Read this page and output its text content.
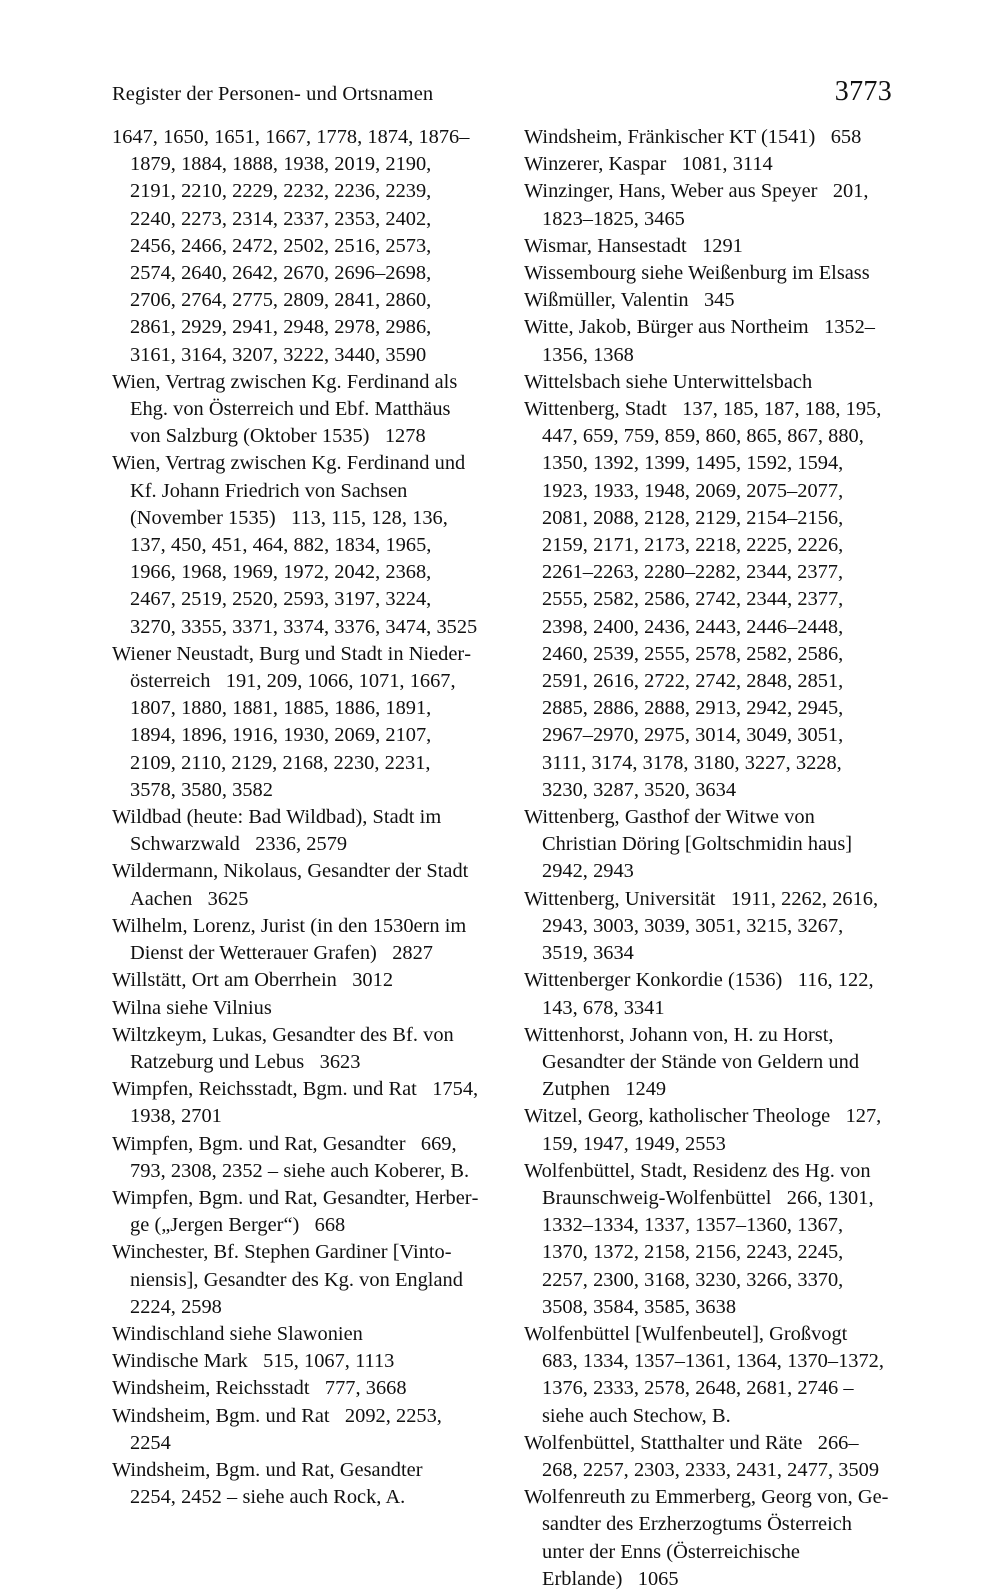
Register der Personen- und Ortsnamen	3773

1647, 1650, 1651, 1667, 1778, 1874, 1876–1879, 1884, 1888, 1938, 2019, 2190, 2191, 2210, 2229, 2232, 2236, 2239, 2240, 2273, 2314, 2337, 2353, 2402, 2456, 2466, 2472, 2502, 2516, 2573, 2574, 2640, 2642, 2670, 2696–2698, 2706, 2764, 2775, 2809, 2841, 2860, 2861, 2929, 2941, 2948, 2978, 2986, 3161, 3164, 3207, 3222, 3440, 3590

Wien, Vertrag zwischen Kg. Ferdinand als Ehg. von Österreich und Ebf. Matthäus von Salzburg (Oktober 1535)  1278

Wien, Vertrag zwischen Kg. Ferdinand und Kf. Johann Friedrich von Sachsen (November 1535)  113, 115, 128, 136, 137, 450, 451, 464, 882, 1834, 1965, 1966, 1968, 1969, 1972, 2042, 2368, 2467, 2519, 2520, 2593, 3197, 3224, 3270, 3355, 3371, 3374, 3376, 3474, 3525

Wiener Neustadt, Burg und Stadt in Niederösterreich  191, 209, 1066, 1071, 1667, 1807, 1880, 1881, 1885, 1886, 1891, 1894, 1896, 1916, 1930, 2069, 2107, 2109, 2110, 2129, 2168, 2230, 2231, 3578, 3580, 3582

Wildbad (heute: Bad Wildbad), Stadt im Schwarzwald  2336, 2579

Wildermann, Nikolaus, Gesandter der Stadt Aachen  3625

Wilhelm, Lorenz, Jurist (in den 1530ern im Dienst der Wetterauer Grafen)  2827

Willstätt, Ort am Oberrhein  3012

Wilna siehe Vilnius

Wiltzkeym, Lukas, Gesandter des Bf. von Ratzeburg und Lebus  3623

Wimpfen, Reichsstadt, Bgm. und Rat  1754, 1938, 2701

Wimpfen, Bgm. und Rat, Gesandter  669, 793, 2308, 2352 – siehe auch Koberer, B.

Wimpfen, Bgm. und Rat, Gesandter, Herberge („Jergen Berger“)  668

Winchester, Bf. Stephen Gardiner [Vintoniensis], Gesandter des Kg. von England 2224, 2598

Windischland siehe Slawonien

Windische Mark  515, 1067, 1113

Windsheim, Reichsstadt  777, 3668

Windsheim, Bgm. und Rat  2092, 2253, 2254

Windsheim, Bgm. und Rat, Gesandter  2254, 2452 – siehe auch Rock, A.

Windsheim, Fränkischer KT (1541)  658

Winzerer, Kaspar  1081, 3114

Winzinger, Hans, Weber aus Speyer  201, 1823–1825, 3465

Wismar, Hansestadt  1291

Wissembourg siehe Weißenburg im Elsass

Wißmüller, Valentin  345

Witte, Jakob, Bürger aus Northeim  1352–1356, 1368

Wittelsbach siehe Unterwittelsbach

Wittenberg, Stadt  137, 185, 187, 188, 195, 447, 659, 759, 859, 860, 865, 867, 880, 1350, 1392, 1399, 1495, 1592, 1594, 1923, 1933, 1948, 2069, 2075–2077, 2081, 2088, 2128, 2129, 2154–2156, 2159, 2171, 2173, 2218, 2225, 2226, 2261–2263, 2280–2282, 2344, 2377, 2555, 2582, 2586, 2742, 2344, 2377, 2398, 2400, 2436, 2443, 2446–2448, 2460, 2539, 2555, 2578, 2582, 2586, 2591, 2616, 2722, 2742, 2848, 2851, 2885, 2886, 2888, 2913, 2942, 2945, 2967–2970, 2975, 3014, 3049, 3051, 3111, 3174, 3178, 3180, 3227, 3228, 3230, 3287, 3520, 3634

Wittenberg, Gasthof der Witwe von Christian Döring [Goltschmidin haus] 2942, 2943

Wittenberg, Universität  1911, 2262, 2616, 2943, 3003, 3039, 3051, 3215, 3267, 3519, 3634

Wittenberger Konkordie (1536)  116, 122, 143, 678, 3341

Wittenhorst, Johann von, H. zu Horst, Gesandter der Stände von Geldern und Zutphen  1249

Witzel, Georg, katholischer Theologe  127, 159, 1947, 1949, 2553

Wolfenbüttel, Stadt, Residenz des Hg. von Braunschweig-Wolfenbüttel  266, 1301, 1332–1334, 1337, 1357–1360, 1367, 1370, 1372, 2158, 2156, 2243, 2245, 2257, 2300, 3168, 3230, 3266, 3370, 3508, 3584, 3585, 3638

Wolfenbüttel [Wulfenbeutel], Großvogt  683, 1334, 1357–1361, 1364, 1370–1372, 1376, 2333, 2578, 2648, 2681, 2746 – siehe auch Stechow, B.

Wolfenbüttel, Statthalter und Räte  266–268, 2257, 2303, 2333, 2431, 2477, 3509

Wolfenreuth zu Emmerberg, Georg von, Gesandter des Erzherzogtums Österreich unter der Enns (Österreichische Erblande)  1065
